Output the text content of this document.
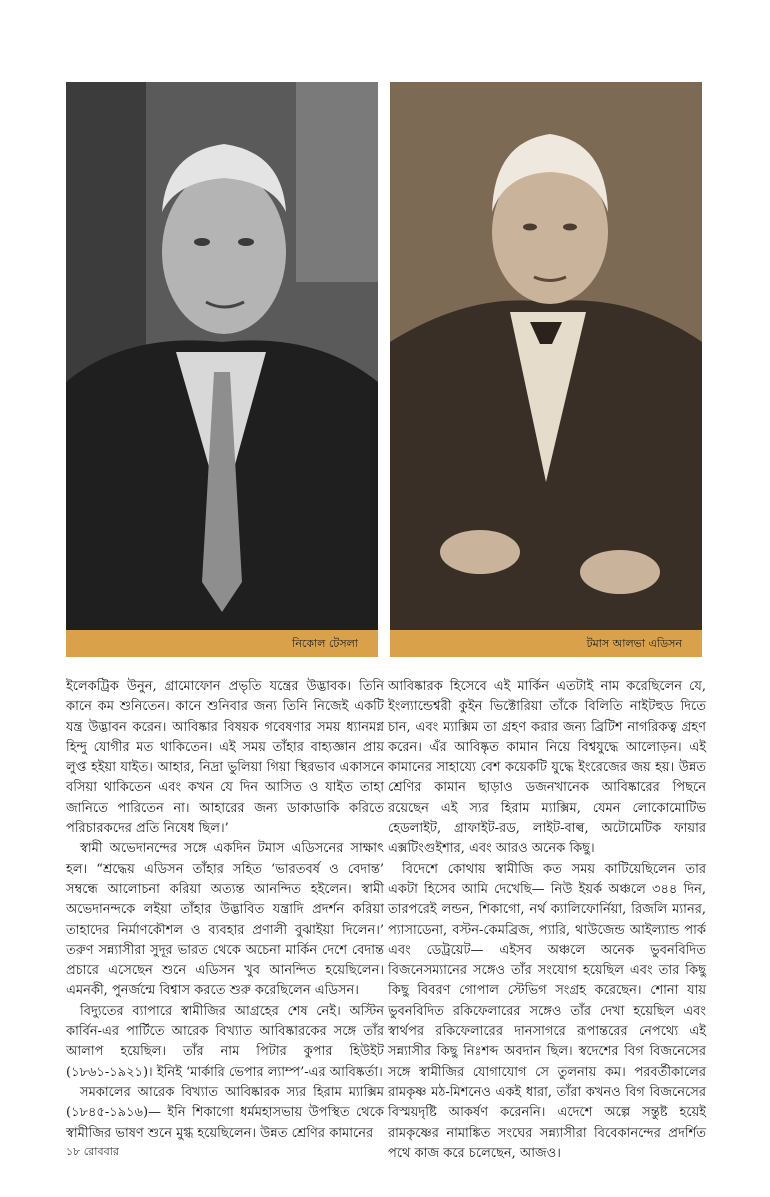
নিকোল টেসলা	টমাস আলভা এডিসন

ইলেকট্রিক উনুন, গ্রামোফোন প্রভৃতি যন্ত্রের উদ্ভাবক। তিনি কানে কম শুনিতেন। কানে শুনিবার জন্য তিনি নিজেই একটি যন্ত্র উদ্ভাবন করেন। আবিষ্কার বিষয়ক গবেষণার সময় ধ্যানমগ্ন হিন্দু যোগীর মত থাকিতেন। এই সময় তাঁহার বাহ্যজ্ঞান প্রায় লুপ্ত হইয়া যাইত। আহার, নিদ্রা ভুলিয়া গিয়া স্থিরভাব একাসনে বসিয়া থাকিতেন এবং কখন যে দিন আসিত ও যাইত তাহা জানিতে পারিতেন না। আহারের জন্য ডাকাডাকি করিতে পরিচারকদের প্রতি নিষেধ ছিল।’

স্বামী অভেদানন্দের সঙ্গে একদিন টমাস এডিসনের সাক্ষাৎ হল। “শ্রদ্ধেয় এডিসন তাঁহার সহিত ‘ভারতবর্ষ ও বেদান্ত’ সম্বন্ধে আলোচনা করিয়া অত্যন্ত আনন্দিত হইলেন। স্বামী অভেদানন্দকে লইয়া তাঁহার উদ্ভাবিত যন্ত্রাদি প্রদর্শন করিয়া তাহাদের নির্মাণকৌশল ও ব্যবহার প্রণালী বুঝাইয়া দিলেন।’ তরুণ সন্ন্যাসীরা সুদূর ভারত থেকে অচেনা মার্কিন দেশে বেদান্ত প্রচারে এসেছেন শুনে এডিসন খুব আনন্দিত হয়েছিলেন। এমনকী, পুনর্জন্মে বিশ্বাস করতে শুরু করেছিলেন এডিসন।

বিদ্যুতের ব্যাপারে স্বামীজির আগ্রহের শেষ নেই। অস্টিন কার্বিন-এর পার্টিতে আরেক বিখ্যাত আবিষ্কারকের সঙ্গে তাঁর আলাপ হয়েছিল। তাঁর নাম পিটার কুপার হিউইট (১৮৬১-১৯২১)। ইনিই ‘মার্কারি ভেপার ল্যাম্প’-এর আবিষ্কর্তা।

সমকালের আরেক বিখ্যাত আবিষ্কারক স্যর হিরাম ম্যাক্সিম (১৮৪৫-১৯১৬)— ইনি শিকাগো ধর্মমহাসভায় উপস্থিত থেকে স্বামীজির ভাষণ শুনে মুগ্ধ হয়েছিলেন। উন্নত শ্রেণির কামানের

আবিষ্কারক হিসেবে এই মার্কিন এতটাই নাম করেছিলেন যে, ইংল্যান্ডেশ্বরী কুইন ভিক্টোরিয়া তাঁকে বিলিতি নাইটহুড দিতে চান, এবং ম্যাক্সিম তা গ্রহণ করার জন্য ব্রিটিশ নাগরিকত্ব গ্রহণ করেন। এঁর আবিষ্কৃত কামান নিয়ে বিশ্বযুদ্ধে আলোড়ন। এই কামানের সাহায্যে বেশ কয়েকটি যুদ্ধে ইংরেজের জয় হয়। উন্নত শ্রেণির কামান ছাড়াও ডজনখানেক আবিষ্কারের পিছনে রয়েছেন এই স্যর হিরাম ম্যাক্সিম, যেমন লোকোমোটিভ হেডলাইট, গ্রাফাইট-রড, লাইট-বাল্ব, অটোমেটিক ফায়ার এক্সটিংগুইশার, এবং আরও অনেক কিছু।

বিদেশে কোথায় স্বামীজি কত সময় কাটিয়েছিলেন তার একটা হিসেব আমি দেখেছি— নিউ ইয়র্ক অঞ্চলে ৩৪৪ দিন, তারপরেই লন্ডন, শিকাগো, নর্থ ক্যালিফোর্নিয়া, রিজলি ম্যানর, প্যাসাডেনা, বস্টন-কেমব্রিজ, প্যারি, থাউজেন্ড আইল্যান্ড পার্ক এবং ডেট্রয়েট— এইসব অঞ্চলে অনেক ভুবনবিদিত বিজনেসম্যানের সঙ্গেও তাঁর সংযোগ হয়েছিল এবং তার কিছু কিছু বিবরণ গোপাল স্টেভিগ সংগ্রহ করেছেন। শোনা যায় ভুবনবিদিত রকিফেলারের সঙ্গেও তাঁর দেখা হয়েছিল এবং স্বার্থপর রকিফেলারের দানসাগরে রূপান্তরের নেপথ্যে এই সন্ন্যাসীর কিছু নিঃশব্দ অবদান ছিল। স্বদেশের বিগ বিজনেসের সঙ্গে স্বামীজির যোগাযোগ সে তুলনায় কম। পরবর্তীকালের রামকৃষ্ণ মঠ-মিশনেও একই ধারা, তাঁরা কখনও বিগ বিজনেসের বিস্ময়দৃষ্টি আকর্ষণ করেননি। এদেশে অল্পে সন্তুষ্ট হয়েই রামকৃষ্ণের নামাঙ্কিত সংঘের সন্ন্যাসীরা বিবেকানন্দের প্রদর্শিত পথে কাজ করে চলেছেন, আজও।

১৮ রোববার
